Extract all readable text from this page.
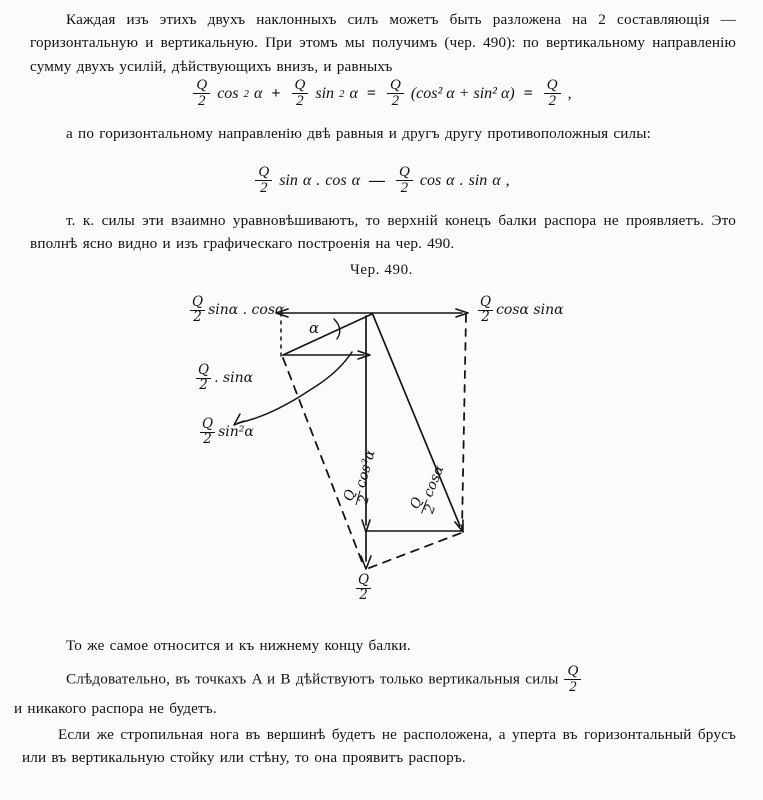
Каждая изъ этихъ двухъ наклонныхъ силъ можетъ быть разложена на 2 составляющія — горизонтальную и вертикальную. При этомъ мы получимъ (чер. 490): по вертикальному направленію сумму двухъ усилій, дѣйствующихъ внизъ, и равныхъ
$\frac{Q}{2}$ cos 2 $\alpha + \frac{Q}{2}$ sin 2 $\alpha = \frac{Q}{2} (\cos^2$ α + sin² $\alpha) = \frac{Q}{2}$ ,
а по горизонтальному направленію двѣ равныя и другъ другу противоположныя силы:
$\frac{Q}{2}$ sin α . cos α — $\frac{Q}{2}$ cos α . sin α ,
т. к. силы эти взаимно уравновѣшиваютъ, то верхній конецъ балки распора не проявляетъ. Это вполнѣ ясно видно и изъ графическаго построенія на чер. 490.
Чер. 490.
$\frac{Q}{2}$ sinα . cosα	$\frac{Q}{2}$ cosα sinα
$\frac{Q}{2}$ . sinα
$\frac{Q}{2} \sin^2\alpha$
Q
2
cos²α
Q
2
cosα
$\frac{Q}{2}$
α
То же самое относится и къ нижнему концу балки.
Слѣдовательно, въ точкахъ A и B дѣйствуютъ только вертикальныя силы $\frac{Q}{2}$
и никакого распора не будетъ.
Если же стропильная нога въ вершинѣ будетъ не расположена, а уперта въ горизонтальный брусъ или въ вертикальную стойку или стѣну, то она проявитъ распоръ.
